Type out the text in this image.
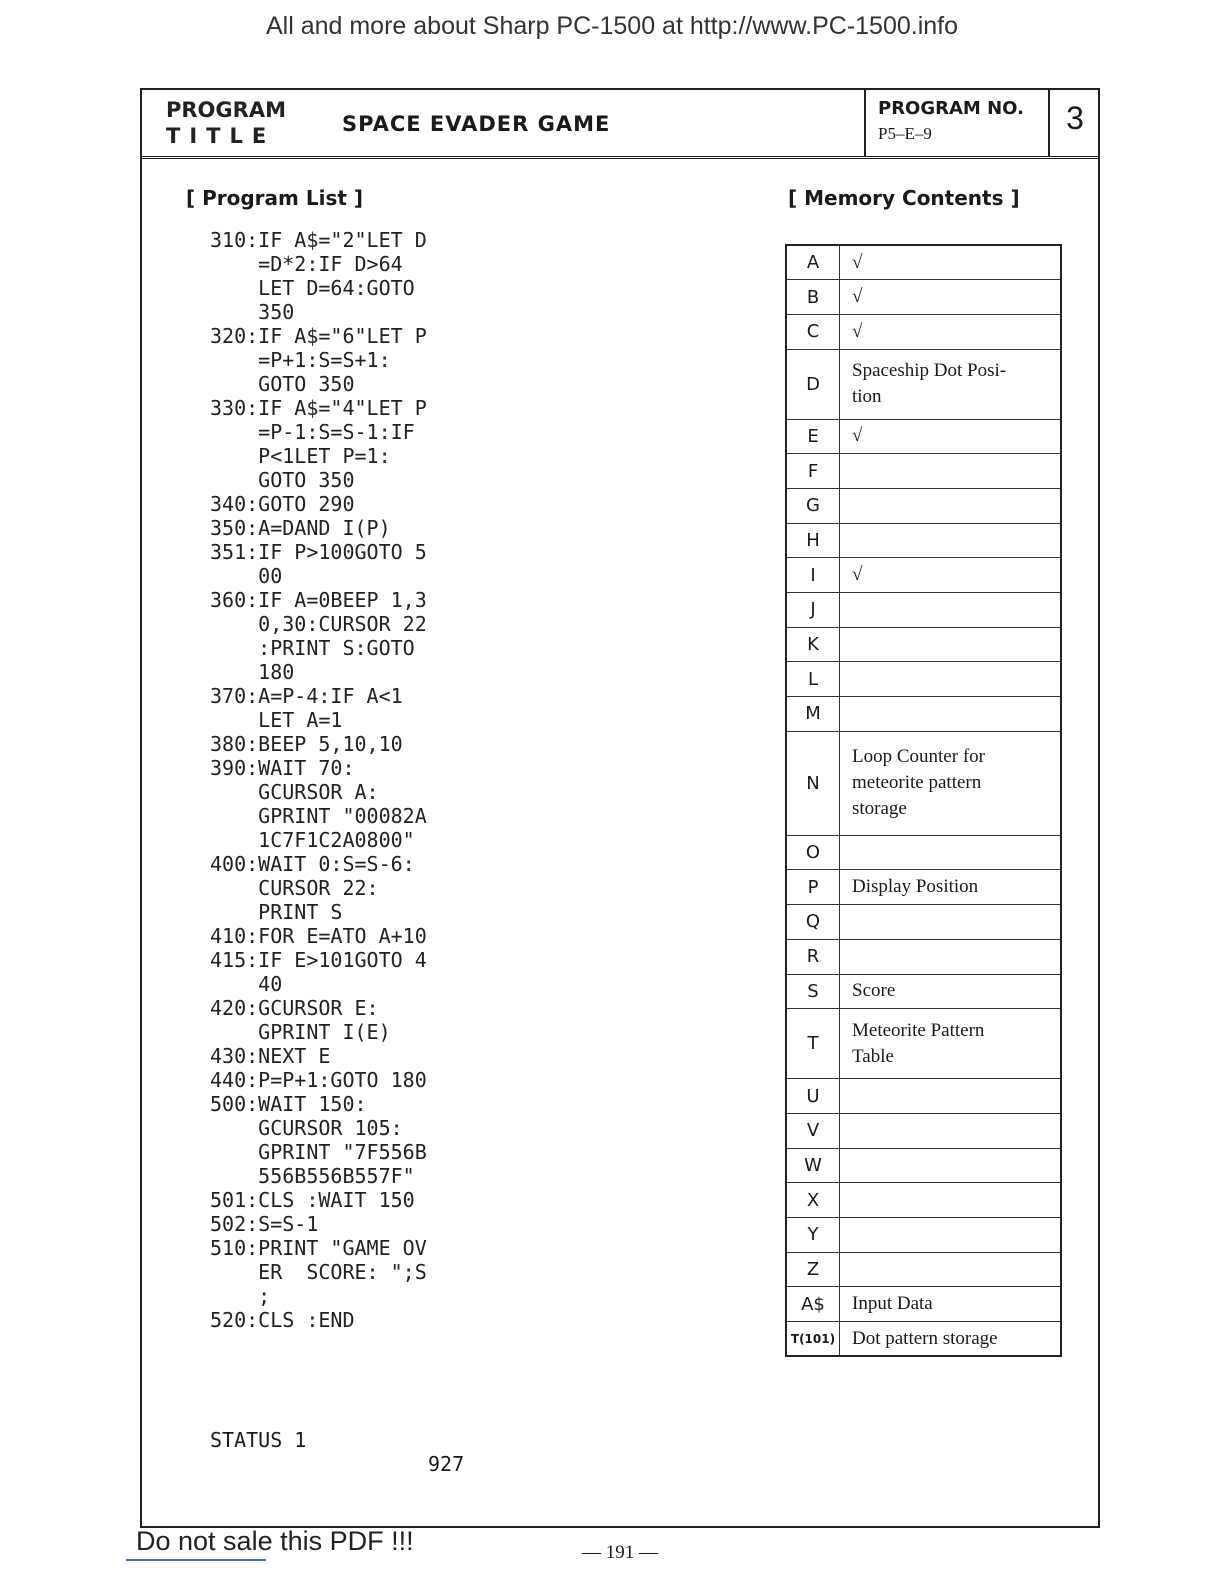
All and more about Sharp PC-1500 at http://www.PC-1500.info
PROGRAM
TITLE	SPACE EVADER GAME
PROGRAM NO.
P5–E–9	3
[ Program List ]
310:IF A$="2"LET D
=D*2:IF D>64
LET D=64:GOTO
350
320:IF A$="6"LET P
=P+1:S=S+1:
GOTO 350
330:IF A$="4"LET P
=P-1:S=S-1:IF
P<1LET P=1:
GOTO 350
340:GOTO 290
350:A=DAND I(P)
351:IF P>100GOTO 5
00
360:IF A=0BEEP 1,3
0,30:CURSOR 22
:PRINT S:GOTO
180
370:A=P-4:IF A<1
LET A=1
380:BEEP 5,10,10
390:WAIT 70:
GCURSOR A:
GPRINT "00082A
1C7F1C2A0800"
400:WAIT 0:S=S-6:
CURSOR 22:
PRINT S
410:FOR E=ATO A+10
415:IF E>101GOTO 4
40
420:GCURSOR E:
GPRINT I(E)
430:NEXT E
440:P=P+1:GOTO 180
500:WAIT 150:
GCURSOR 105:
GPRINT "7F556B
556B556B557F"
501:CLS :WAIT 150
502:S=S-1
510:PRINT "GAME OV
ER  SCORE: ";S
;
520:CLS :END
STATUS 1
927
[ Memory Contents ]
A	√
B	√
C	√
D	Spaceship Dot Posi-
tion
E	√
F	
G	
H	
I	√
J	
K	
L	
M	
N	Loop Counter for
meteorite pattern
storage
O	
P	Display Position
Q	
R	
S	Score
T	Meteorite Pattern
Table
U	
V	
W	
X	
Y	
Z	
A$	Input Data
T(101)	Dot pattern storage
Do not sale this PDF !!!	— 191 —
